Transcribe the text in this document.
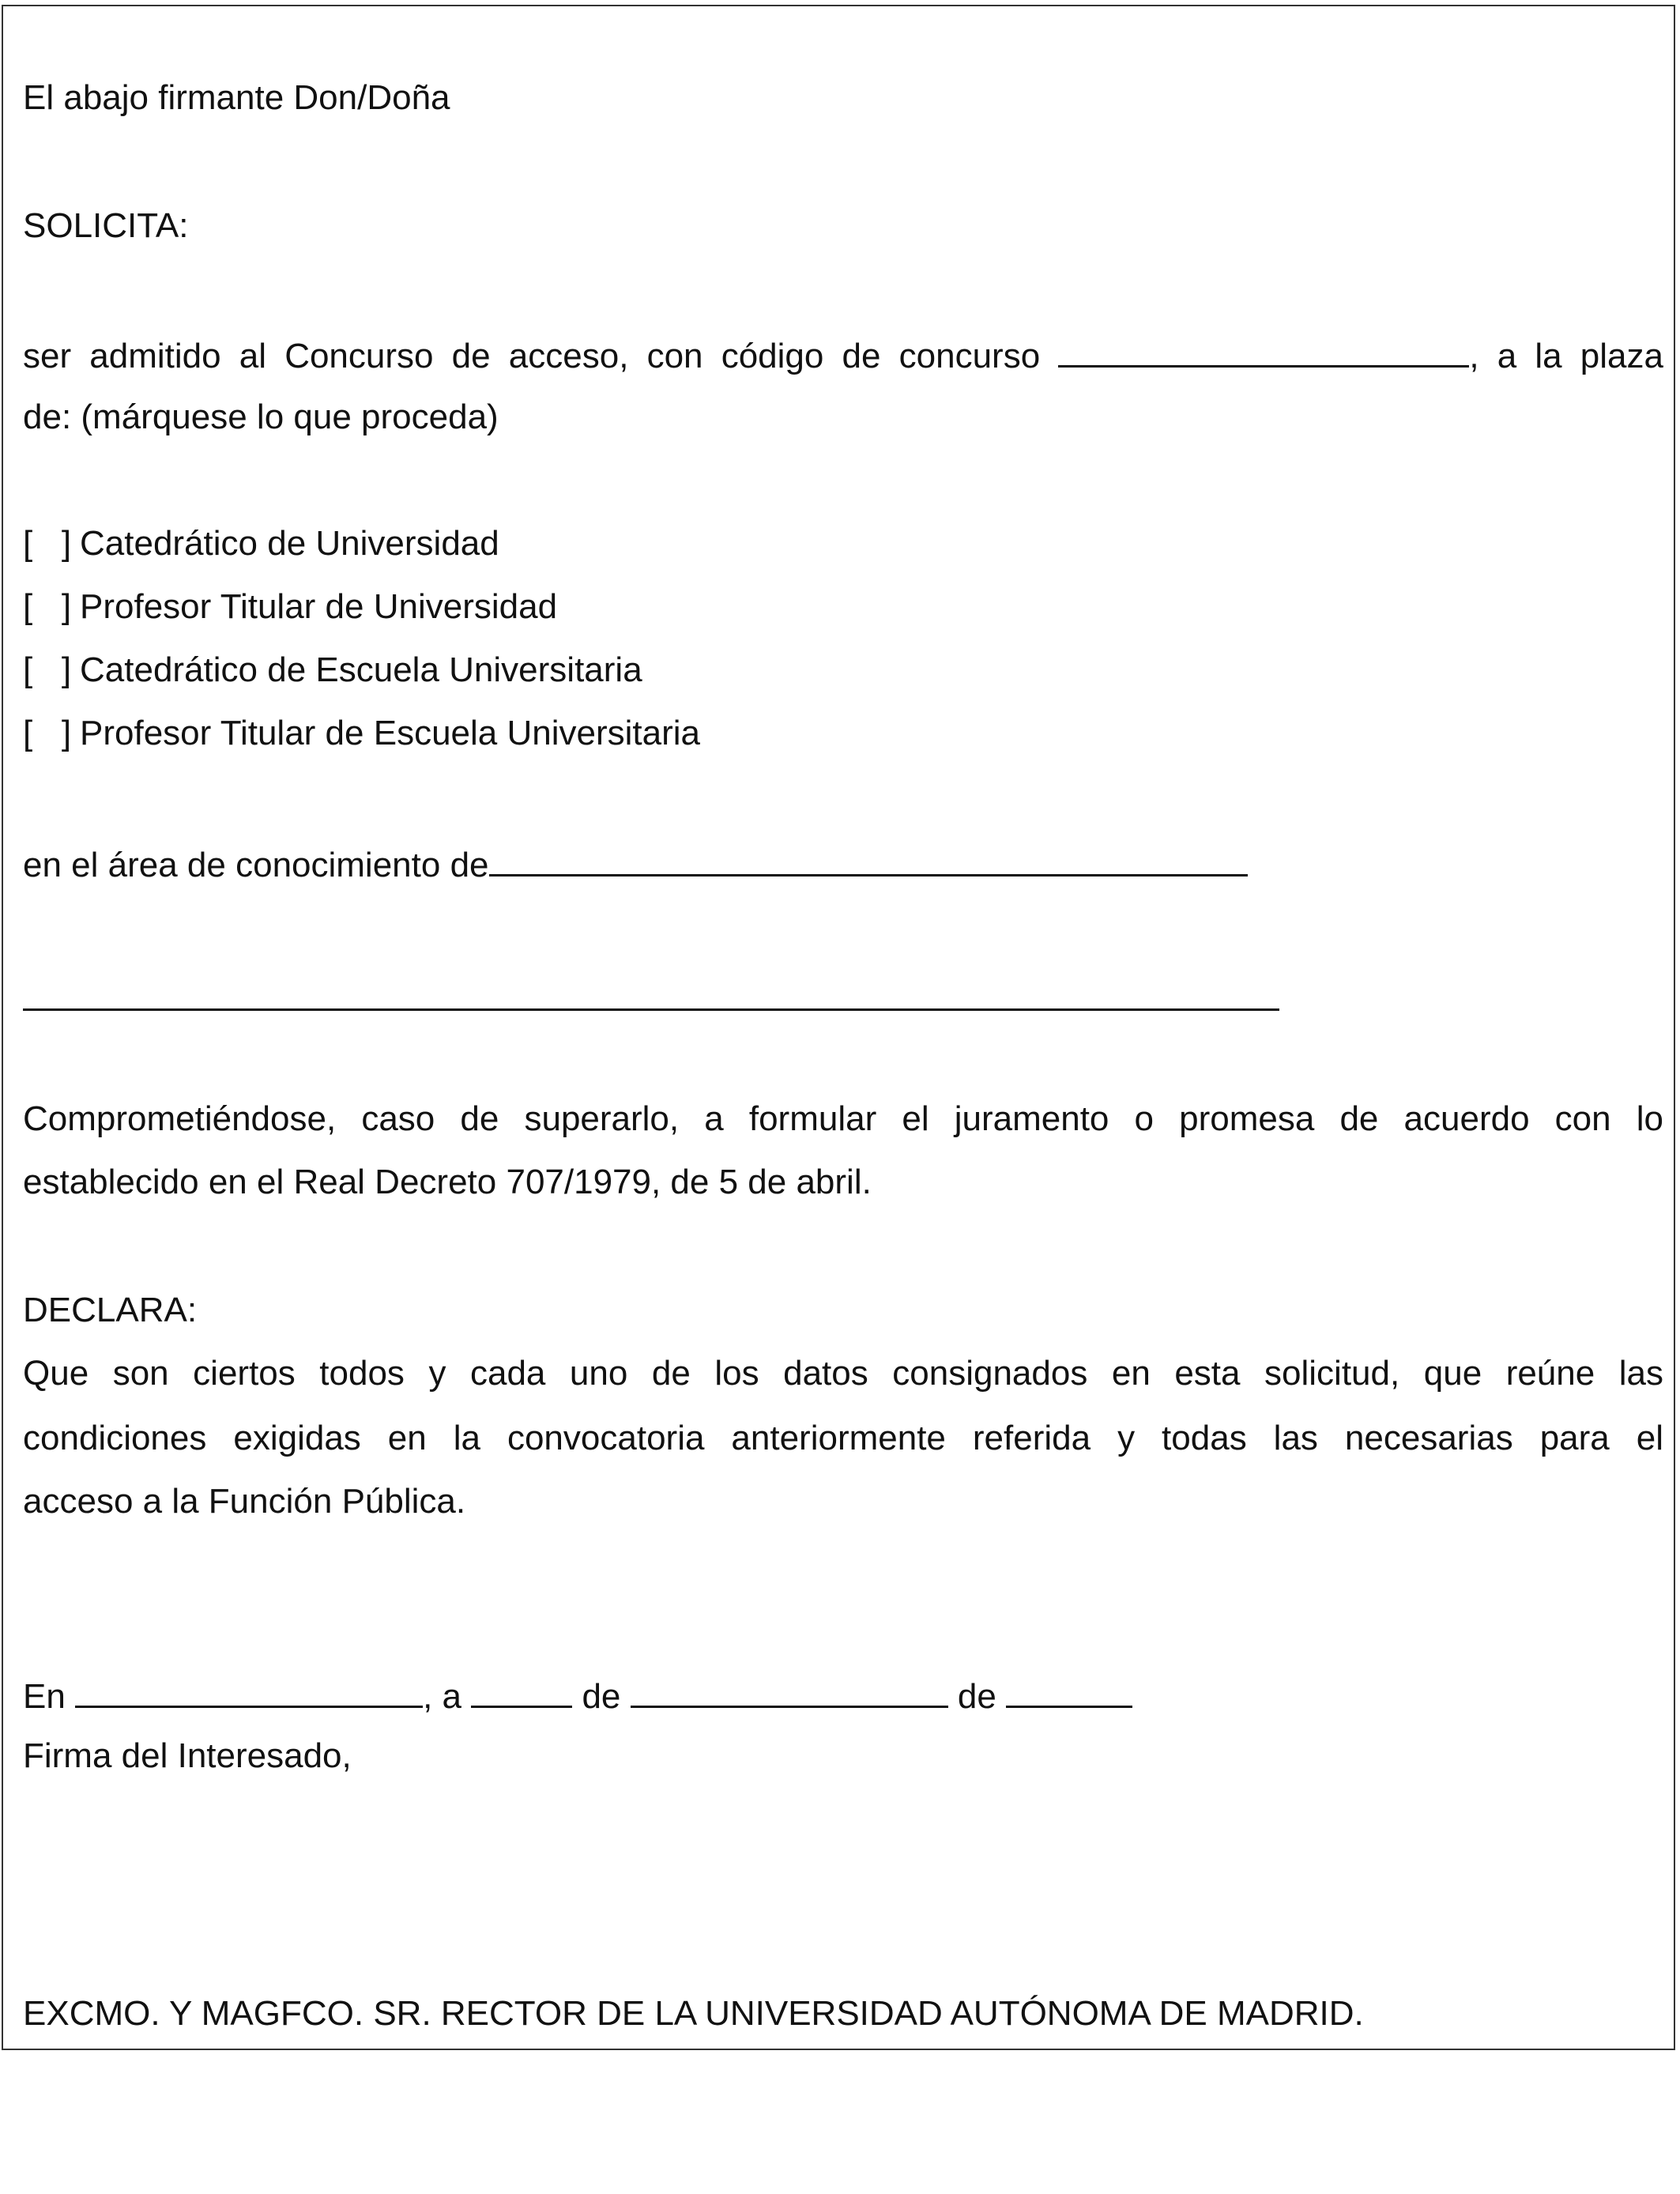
El abajo firmante Don/Doña
SOLICITA:
ser admitido al Concurso de acceso, con código de concurso	, a la plaza
de: (márquese lo que proceda)
[   ] Catedrático de Universidad
[   ] Profesor Titular de Universidad
[   ] Catedrático de Escuela Universitaria
[   ] Profesor Titular de Escuela Universitaria
en el área de conocimiento de
Comprometiéndose, caso de superarlo, a formular el juramento o promesa de acuerdo con lo
establecido en el Real Decreto 707/1979, de 5 de abril.
DECLARA:
Que son ciertos todos y cada uno de los datos consignados en esta solicitud, que reúne las
condiciones exigidas en la convocatoria anteriormente referida y todas las necesarias para el
acceso a la Función Pública.
En	, a	de	de
Firma del Interesado,
EXCMO. Y MAGFCO. SR. RECTOR DE LA UNIVERSIDAD AUTÓNOMA DE MADRID.
